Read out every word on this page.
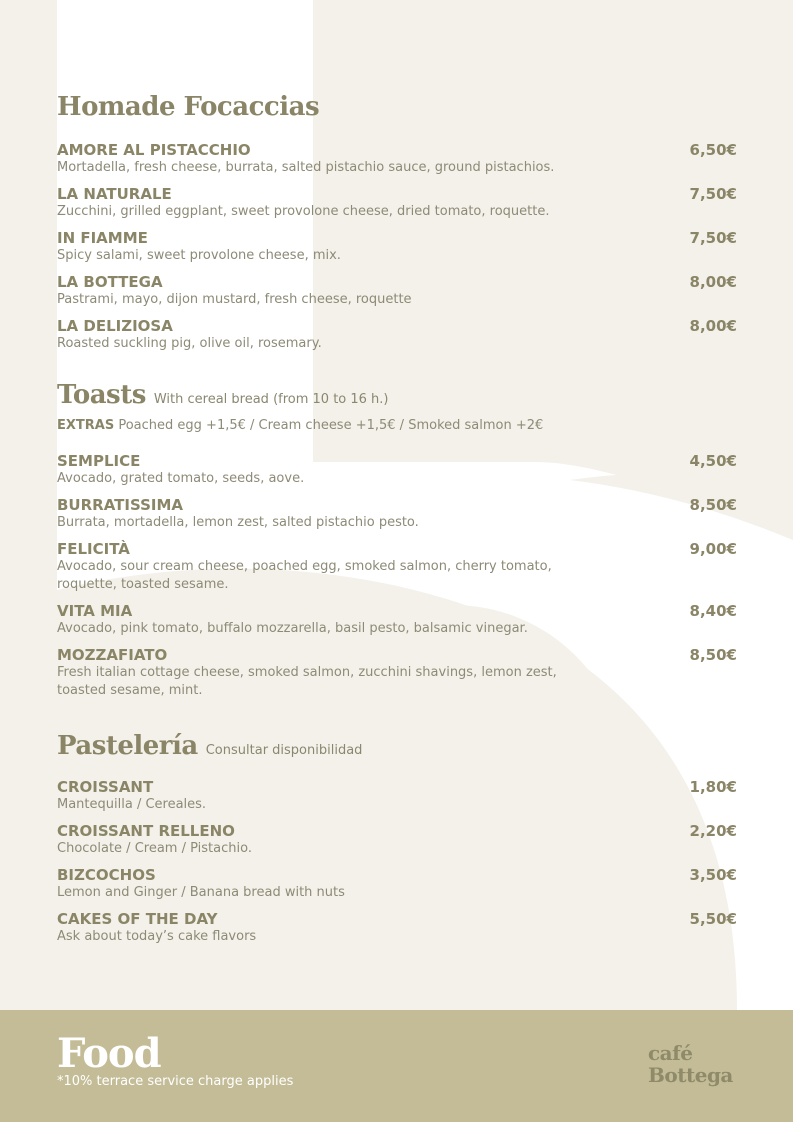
Homade Focaccias
AMORE AL PISTACCHIO	6,50€
Mortadella, fresh cheese, burrata, salted pistachio sauce, ground pistachios.
LA NATURALE	7,50€
Zucchini, grilled eggplant, sweet provolone cheese, dried tomato, roquette.
IN FIAMME	7,50€
Spicy salami, sweet provolone cheese, mix.
LA BOTTEGA	8,00€
Pastrami, mayo, dijon mustard, fresh cheese, roquette
LA DELIZIOSA	8,00€
Roasted suckling pig, olive oil, rosemary.
Toasts With cereal bread (from 10 to 16 h.)
EXTRAS Poached egg +1,5€ / Cream cheese +1,5€ / Smoked salmon +2€
SEMPLICE	4,50€
Avocado, grated tomato, seeds, aove.
BURRATISSIMA	8,50€
Burrata, mortadella, lemon zest, salted pistachio pesto.
FELICITÀ	9,00€
Avocado, sour cream cheese, poached egg, smoked salmon, cherry tomato, roquette, toasted sesame.
VITA MIA	8,40€
Avocado, pink tomato, buffalo mozzarella, basil pesto, balsamic vinegar.
MOZZAFIATO	8,50€
Fresh italian cottage cheese, smoked salmon, zucchini shavings, lemon zest, toasted sesame, mint.
Pastelería Consultar disponibilidad
CROISSANT	1,80€
Mantequilla / Cereales.
CROISSANT RELLENO	2,20€
Chocolate / Cream / Pistachio.
BIZCOCHOS	3,50€
Lemon and Ginger / Banana bread with nuts
CAKES OF THE DAY	5,50€
Ask about today’s cake flavors
Food
*10% terrace service charge applies
café
Bottega
